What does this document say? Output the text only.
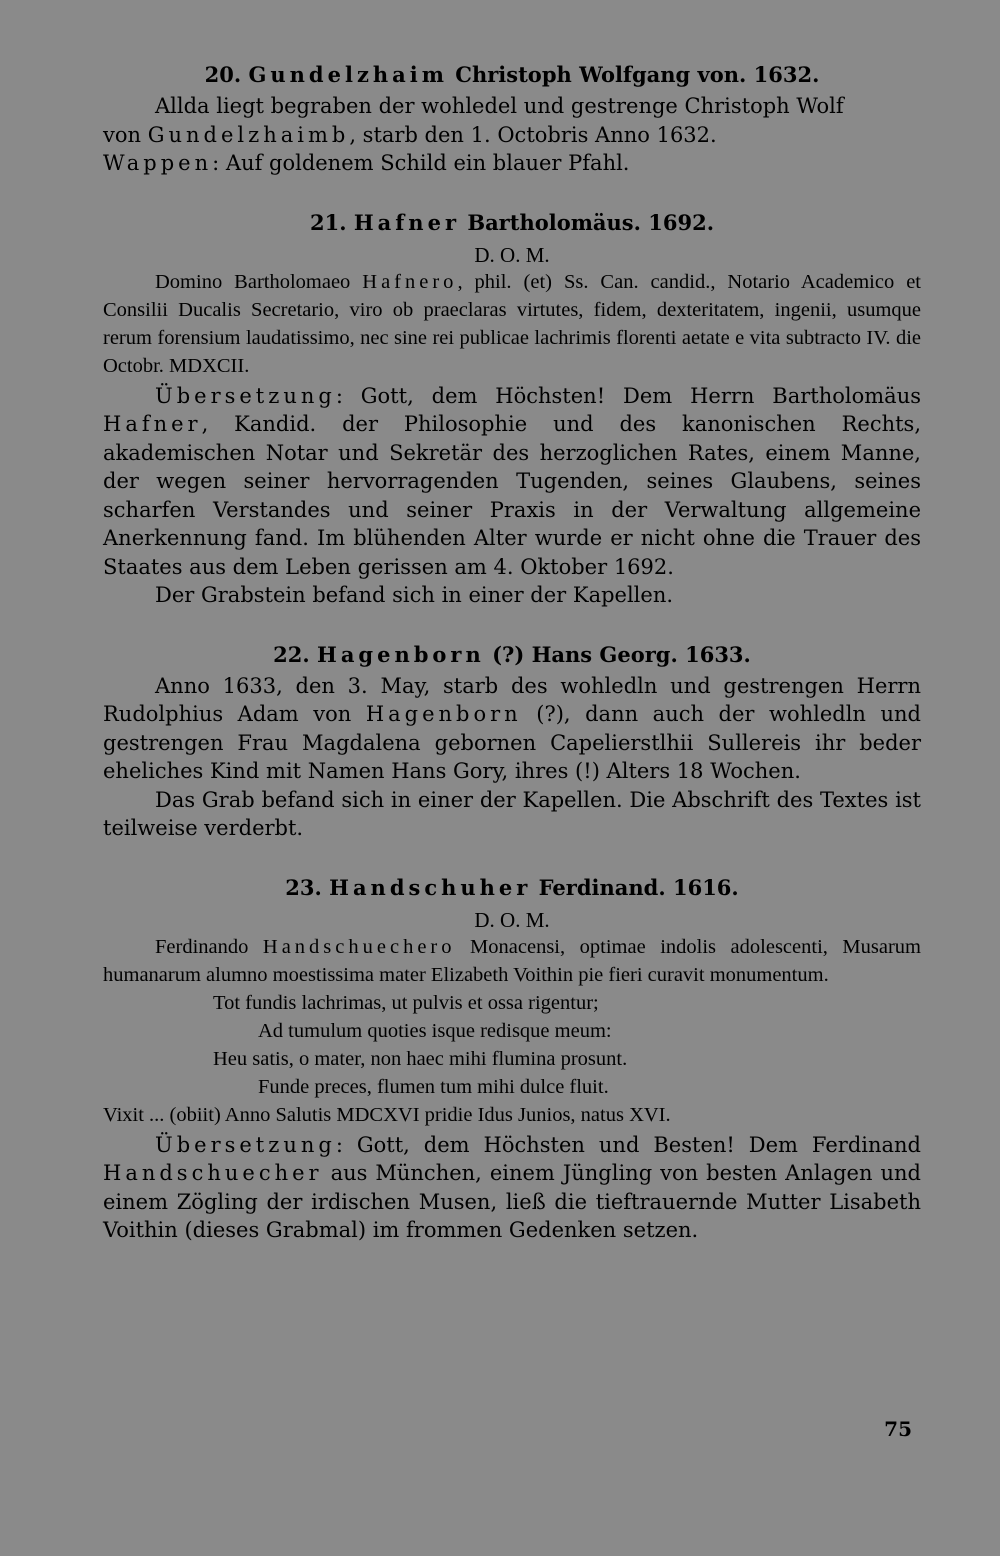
20. Gundelzhaim Christoph Wolfgang von. 1632.

Allda liegt begraben der wohledel und gestrenge Christoph Wolf
von Gundelzhaimb, starb den 1. Octobris Anno 1632.
Wappen: Auf goldenem Schild ein blauer Pfahl.

21. Hafner Bartholomäus. 1692.

D. O. M.

Domino Bartholomaeo Hafnero, phil. (et) Ss. Can. candid., Notario Academico et Consilii Ducalis Secretario, viro ob praeclaras virtutes, fidem, dexteritatem, ingenii, usumque rerum forensium laudatissimo, nec sine rei publicae lachrimis florenti aetate e vita subtracto IV. die Octobr. MDXCII.

Übersetzung: Gott, dem Höchsten! Dem Herrn Bartholomäus Hafner, Kandid. der Philosophie und des kanonischen Rechts, akademischen Notar und Sekretär des herzoglichen Rates, einem Manne, der wegen seiner hervorragenden Tugenden, seines Glaubens, seines scharfen Verstandes und seiner Praxis in der Verwaltung allgemeine Anerkennung fand. Im blühenden Alter wurde er nicht ohne die Trauer des Staates aus dem Leben gerissen am 4. Oktober 1692.

Der Grabstein befand sich in einer der Kapellen.

22. Hagenborn (?) Hans Georg. 1633.

Anno 1633, den 3. May, starb des wohledln und gestrengen Herrn Rudolphius Adam von Hagenborn (?), dann auch der wohledln und gestrengen Frau Magdalena gebornen Capelierstlhii Sullereis ihr beder eheliches Kind mit Namen Hans Gory, ihres (!) Alters 18 Wochen.

Das Grab befand sich in einer der Kapellen. Die Abschrift des Textes ist teilweise verderbt.

23. Handschuher Ferdinand. 1616.

D. O. M.

Ferdinando Handschuechero Monacensi, optimae indolis adolescenti, Musarum humanarum alumno moestissima mater Elizabeth Voithin pie fieri curavit monumentum.

Tot fundis lachrimas, ut pulvis et ossa rigentur;
Ad tumulum quoties isque redisque meum:
Heu satis, o mater, non haec mihi flumina prosunt.
Funde preces, flumen tum mihi dulce fluit.

Vixit ... (obiit) Anno Salutis MDCXVI pridie Idus Junios, natus XVI.

Übersetzung: Gott, dem Höchsten und Besten! Dem Ferdinand Handschuecher aus München, einem Jüngling von besten Anlagen und einem Zögling der irdischen Musen, ließ die tieftrauernde Mutter Lisabeth Voithin (dieses Grabmal) im frommen Gedenken setzen.

75
